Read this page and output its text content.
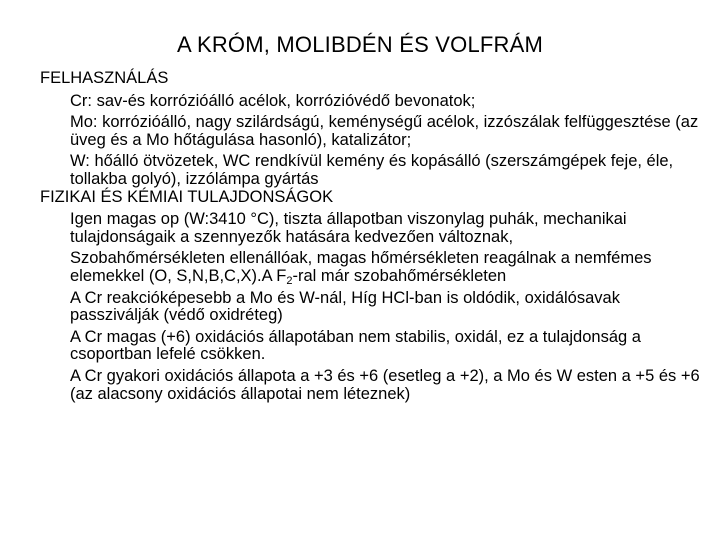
A KRÓM, MOLIBDÉN ÉS VOLFRÁM

FELHASZNÁLÁS

Cr: sav-és korrózióálló acélok, korrózióvédő bevonatok;

Mo: korrózióálló, nagy szilárdságú, keménységű acélok, izzószálak felfüggesztése (az üveg és a Mo hőtágulása hasonló), katalizátor;

W: hőálló ötvözetek, WC rendkívül kemény és kopásálló (szerszámgépek feje, éle, tollakba golyó), izzólámpa gyártás

FIZIKAI ÉS KÉMIAI TULAJDONSÁGOK

Igen magas op (W:3410 °C), tiszta állapotban viszonylag puhák, mechanikai tulajdonságaik a szennyezők hatására kedvezően változnak,

Szobahőmérsékleten ellenállóak, magas hőmérsékleten reagálnak a nemfémes elemekkel (O, S,N,B,C,X).A $F_2$-ral már szobahőmérsékleten

A Cr reakcióképesebb a Mo és W-nál, Híg HCl-ban is oldódik, oxidálósavak passziválják (védő oxidréteg)

A Cr magas (+6) oxidációs állapotában nem stabilis, oxidál, ez a tulajdonság a csoportban lefelé csökken.

A Cr gyakori oxidációs állapota a +3 és +6 (esetleg a +2), a Mo és W esten a +5 és +6 (az alacsony oxidációs állapotai nem léteznek)
